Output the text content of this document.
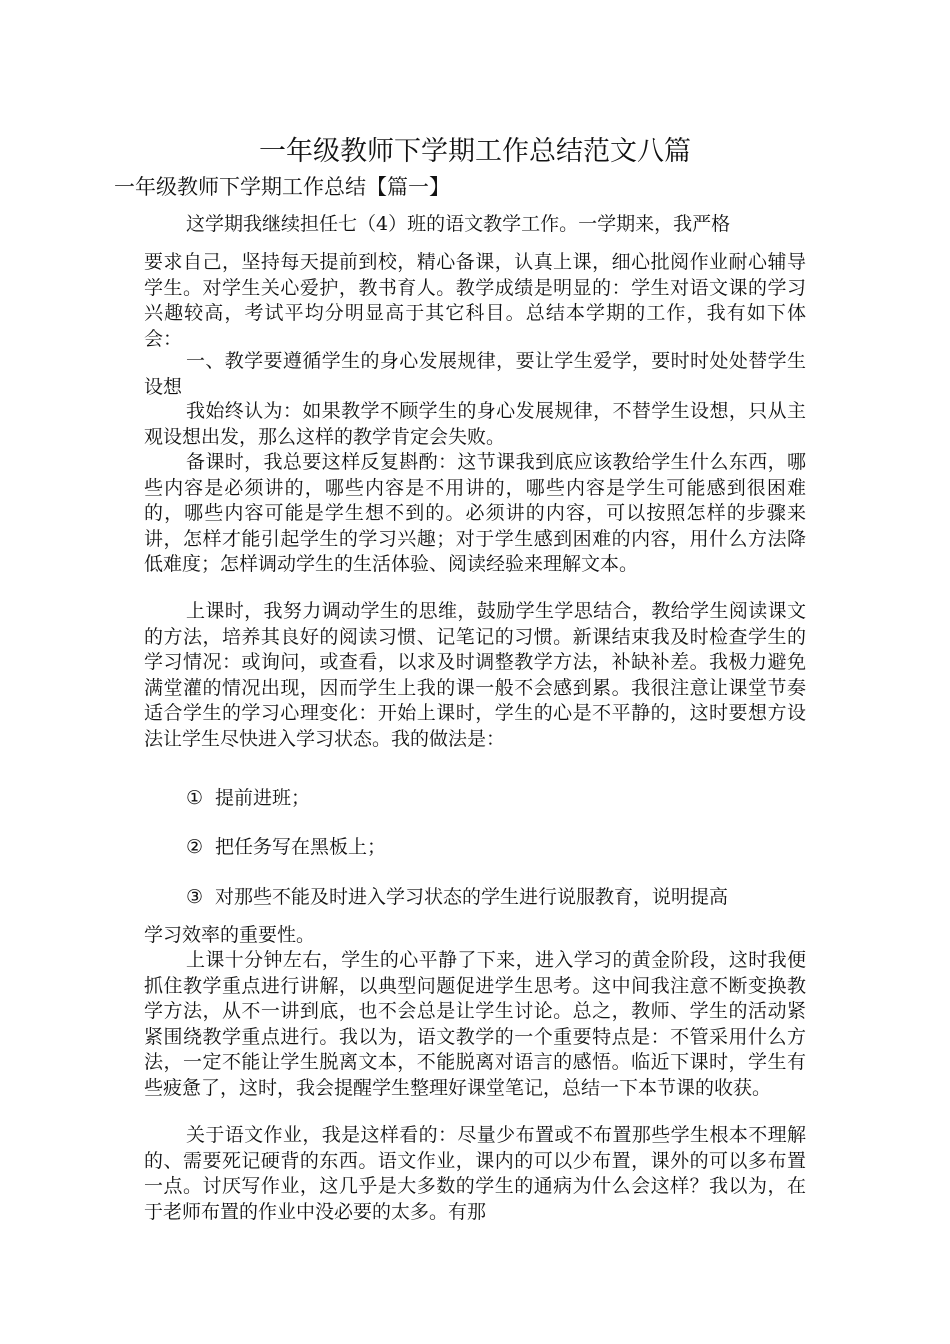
一年级教师下学期工作总结范文八篇
一年级教师下学期工作总结【篇一】
这学期我继续担任七（4）班的语文教学工作。一学期来，我严格
要求自己，坚持每天提前到校，精心备课，认真上课，细心批阅作业耐心辅导学生。对学生关心爱护，教书育人。教学成绩是明显的：学生对语文课的学习兴趣较高，考试平均分明显高于其它科目。总结本学期的工作，我有如下体会：
一、教学要遵循学生的身心发展规律，要让学生爱学，要时时处处替学生设想
我始终认为：如果教学不顾学生的身心发展规律，不替学生设想，只从主观设想出发，那么这样的教学肯定会失败。
备课时，我总要这样反复斟酌：这节课我到底应该教给学生什么东西，哪些内容是必须讲的，哪些内容是不用讲的，哪些内容是学生可能感到很困难的，哪些内容可能是学生想不到的。必须讲的内容，可以按照怎样的步骤来讲，怎样才能引起学生的学习兴趣；对于学生感到困难的内容，用什么方法降低难度；怎样调动学生的生活体验、阅读经验来理解文本。
上课时，我努力调动学生的思维，鼓励学生学思结合，教给学生阅读课文的方法，培养其良好的阅读习惯、记笔记的习惯。新课结束我及时检查学生的学习情况：或询问，或查看，以求及时调整教学方法，补缺补差。我极力避免满堂灌的情况出现，因而学生上我的课一般不会感到累。我很注意让课堂节奏适合学生的学习心理变化：开始上课时，学生的心是不平静的，这时要想方设法让学生尽快进入学习状态。我的做法是：
① 提前进班；
② 把任务写在黑板上；
③ 对那些不能及时进入学习状态的学生进行说服教育，说明提高
学习效率的重要性。
上课十分钟左右，学生的心平静了下来，进入学习的黄金阶段，这时我便抓住教学重点进行讲解，以典型问题促进学生思考。这中间我注意不断变换教学方法，从不一讲到底，也不会总是让学生讨论。总之，教师、学生的活动紧紧围绕教学重点进行。我以为，语文教学的一个重要特点是：不管采用什么方法，一定不能让学生脱离文本，不能脱离对语言的感悟。临近下课时，学生有些疲惫了，这时，我会提醒学生整理好课堂笔记，总结一下本节课的收获。
关于语文作业，我是这样看的：尽量少布置或不布置那些学生根本不理解的、需要死记硬背的东西。语文作业，课内的可以少布置，课外的可以多布置一点。讨厌写作业，这几乎是大多数的学生的通病为什么会这样？我以为，在于老师布置的作业中没必要的太多。有那
